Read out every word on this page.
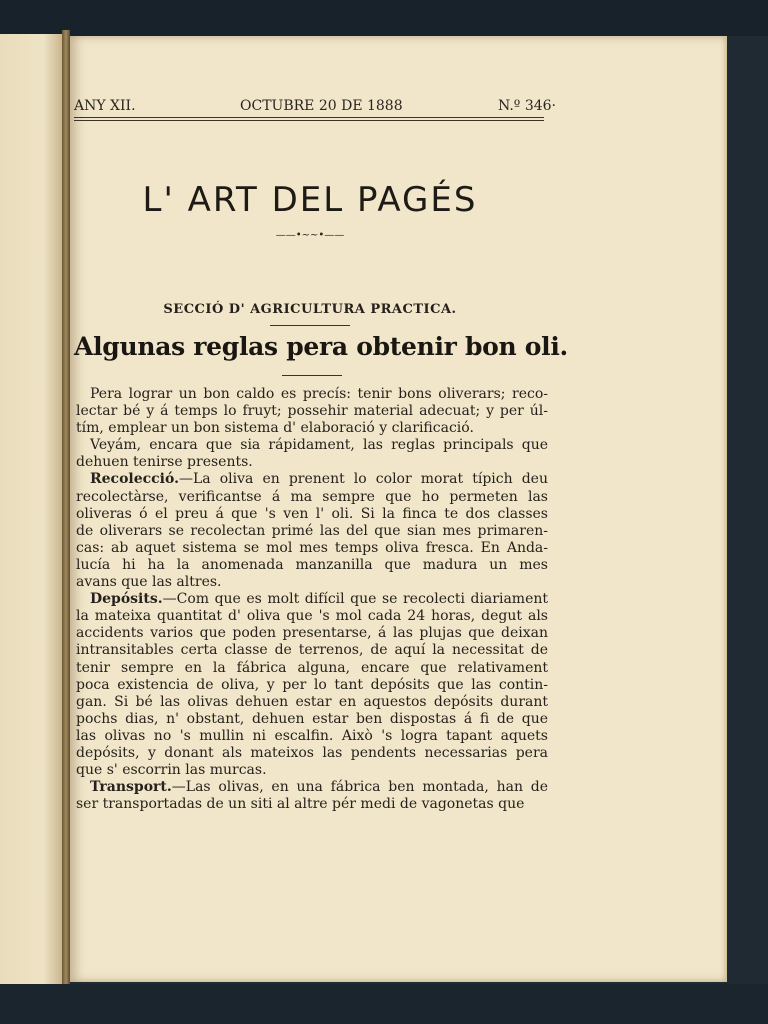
ANY XII.	OCTUBRE 20 DE 1888	N.º 346·
L' ART DEL PAGÉS
——•~~•——
SECCIÓ D' AGRICULTURA PRACTICA.
Algunas reglas pera obtenir bon oli.

Pera lograr un bon caldo es precís: tenir bons oliverars; reco-
lectar bé y á temps lo fruyt; possehir material adecuat; y per úl-
tím, emplear un bon sistema d' elaboració y clarificació.

Veyám, encara que sia rápidament, las reglas principals que
dehuen tenirse presents.

Recolecció.—La oliva en prenent lo color morat típich deu
recolectàrse, verificantse á ma sempre que ho permeten las
oliveras ó el preu á que 's ven l' oli. Si la finca te dos classes
de oliverars se recolectan primé las del que sian mes primaren-
cas: ab aquet sistema se mol mes temps oliva fresca. En Anda-
lucía hi ha la anomenada manzanilla que madura un mes
avans que las altres.

Depósits.—Com que es molt difícil que se recolecti diariament
la mateixa quantitat d' oliva que 's mol cada 24 horas, degut als
accidents varios que poden presentarse, á las plujas que deixan
intransitables certa classe de terrenos, de aquí la necessitat de
tenir sempre en la fábrica alguna, encare que relativament
poca existencia de oliva, y per lo tant depósits que las contin-
gan. Si bé las olivas dehuen estar en aquestos depósits durant
pochs dias, n' obstant, dehuen estar ben dispostas á fi de que
las olivas no 's mullin ni escalfin. Això 's logra tapant aquets
depósits, y donant als mateixos las pendents necessarias pera
que s' escorrin las murcas.

Transport.—Las olivas, en una fábrica ben montada, han de
ser transportadas de un siti al altre pér medi de vagonetas que
